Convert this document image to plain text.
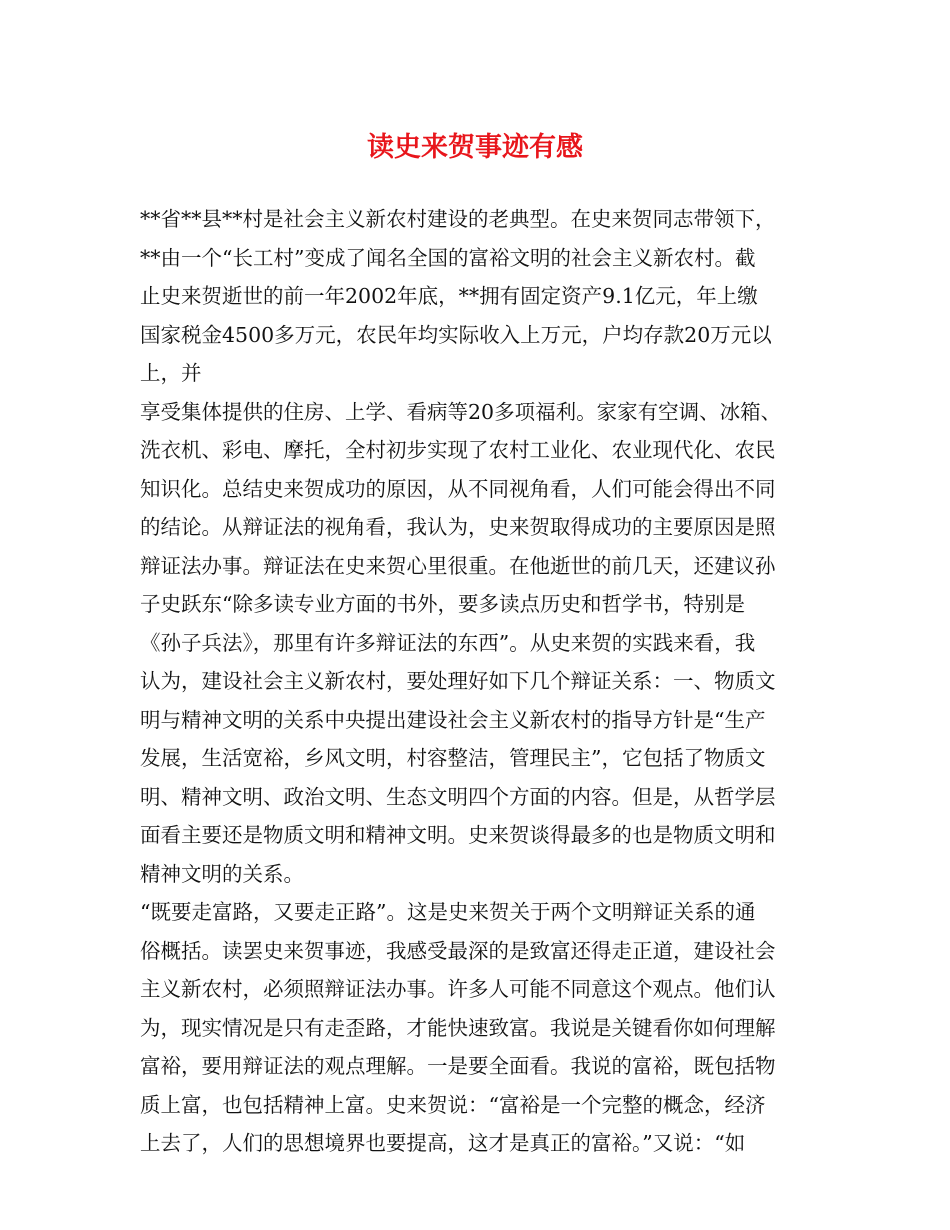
读史来贺事迹有感
**省**县**村是社会主义新农村建设的老典型。在史来贺同志带领下，
**由一个“长工村”变成了闻名全国的富裕文明的社会主义新农村。截
止史来贺逝世的前一年2002年底，**拥有固定资产9.1亿元，年上缴
国家税金4500多万元，农民年均实际收入上万元，户均存款20万元以
上，并
享受集体提供的住房、上学、看病等20多项福利。家家有空调、冰箱、
洗衣机、彩电、摩托，全村初步实现了农村工业化、农业现代化、农民
知识化。总结史来贺成功的原因，从不同视角看，人们可能会得出不同
的结论。从辩证法的视角看，我认为，史来贺取得成功的主要原因是照
辩证法办事。辩证法在史来贺心里很重。在他逝世的前几天，还建议孙
子史跃东“除多读专业方面的书外，要多读点历史和哲学书，特别是
《孙子兵法》，那里有许多辩证法的东西”。从史来贺的实践来看，我
认为，建设社会主义新农村，要处理好如下几个辩证关系：一、物质文
明与精神文明的关系中央提出建设社会主义新农村的指导方针是“生产
发展，生活宽裕，乡风文明，村容整洁，管理民主”，它包括了物质文
明、精神文明、政治文明、生态文明四个方面的内容。但是，从哲学层
面看主要还是物质文明和精神文明。史来贺谈得最多的也是物质文明和
精神文明的关系。
“既要走富路，又要走正路”。这是史来贺关于两个文明辩证关系的通
俗概括。读罢史来贺事迹，我感受最深的是致富还得走正道，建设社会
主义新农村，必须照辩证法办事。许多人可能不同意这个观点。他们认
为，现实情况是只有走歪路，才能快速致富。我说是关键看你如何理解
富裕，要用辩证法的观点理解。一是要全面看。我说的富裕，既包括物
质上富，也包括精神上富。史来贺说：“富裕是一个完整的概念，经济
上去了，人们的思想境界也要提高，这才是真正的富裕。”又说：“如
